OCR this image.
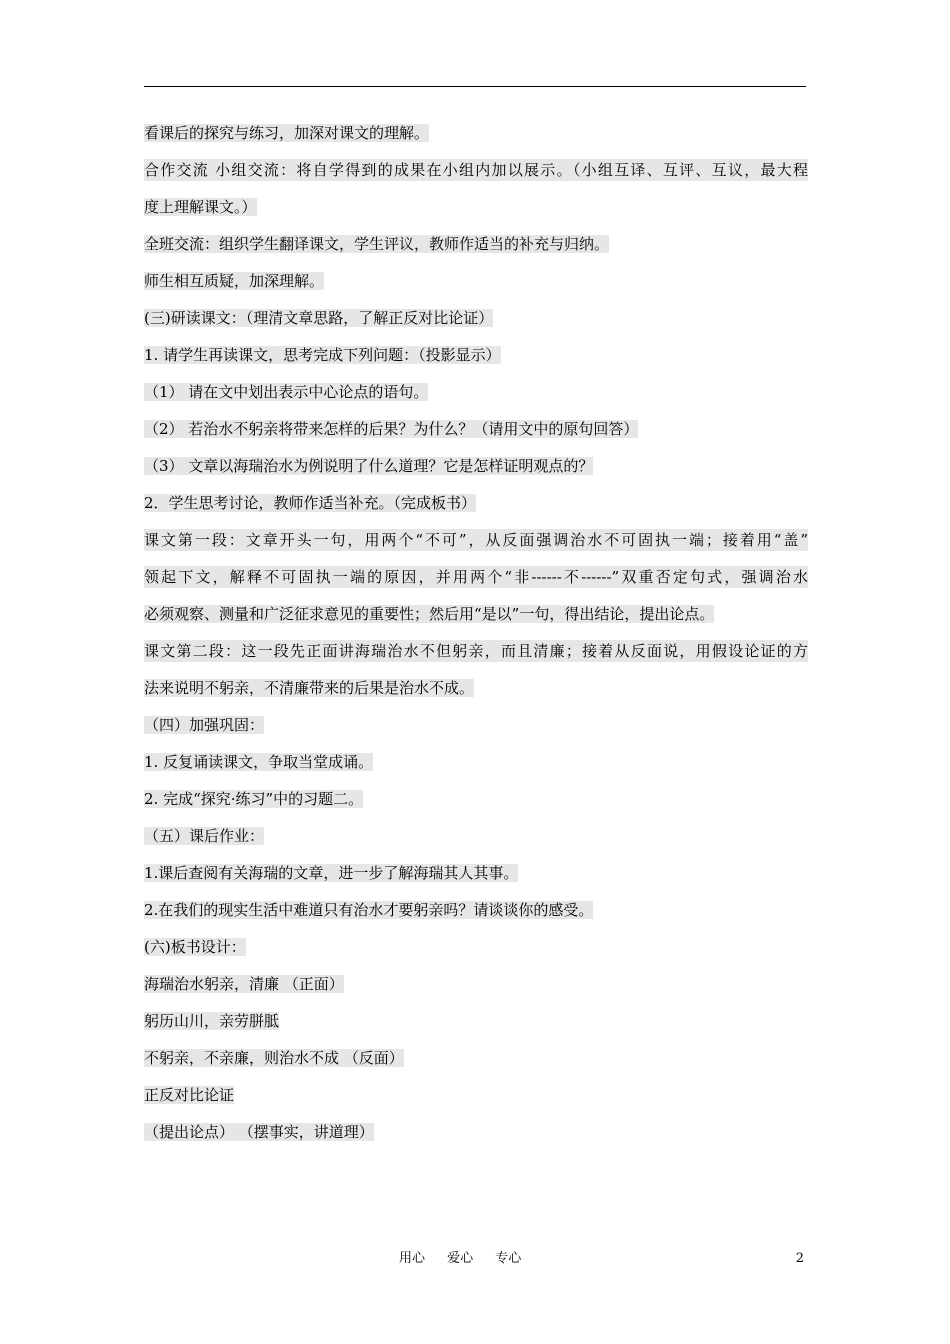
看课后的探究与练习，加深对课文的理解。
合作交流 小组交流：将自学得到的成果在小组内加以展示。（小组互译、互评、互议，最大程
度上理解课文。）
全班交流：组织学生翻译课文，学生评议，教师作适当的补充与归纳。
师生相互质疑，加深理解。
(三)研读课文：（理清文章思路，了解正反对比论证）
1. 请学生再读课文，思考完成下列问题：（投影显示）
（1） 请在文中划出表示中心论点的语句。
（2） 若治水不躬亲将带来怎样的后果？为什么？（请用文中的原句回答）
（3） 文章以海瑞治水为例说明了什么道理？它是怎样证明观点的？
2．学生思考讨论，教师作适当补充。（完成板书）
课文第一段：文章开头一句，用两个“不可”，从反面强调治水不可固执一端；接着用“盖”
领起下文，解释不可固执一端的原因，并用两个“非------不------”双重否定句式，强调治水
必须观察、测量和广泛征求意见的重要性；然后用“是以”一句，得出结论，提出论点。
课文第二段：这一段先正面讲海瑞治水不但躬亲，而且清廉；接着从反面说，用假设论证的方
法来说明不躬亲，不清廉带来的后果是治水不成。
（四）加强巩固：
1. 反复诵读课文，争取当堂成诵。
2. 完成“探究·练习”中的习题二。
（五）课后作业：
1.课后查阅有关海瑞的文章，进一步了解海瑞其人其事。
2.在我们的现实生活中难道只有治水才要躬亲吗？请谈谈你的感受。
(六)板书设计：
海瑞治水躬亲，清廉 （正面）
躬历山川，亲劳胼胝
不躬亲，不亲廉，则治水不成 （反面）
正反对比论证
（提出论点） （摆事实，讲道理）
用心 爱心 专心	2
